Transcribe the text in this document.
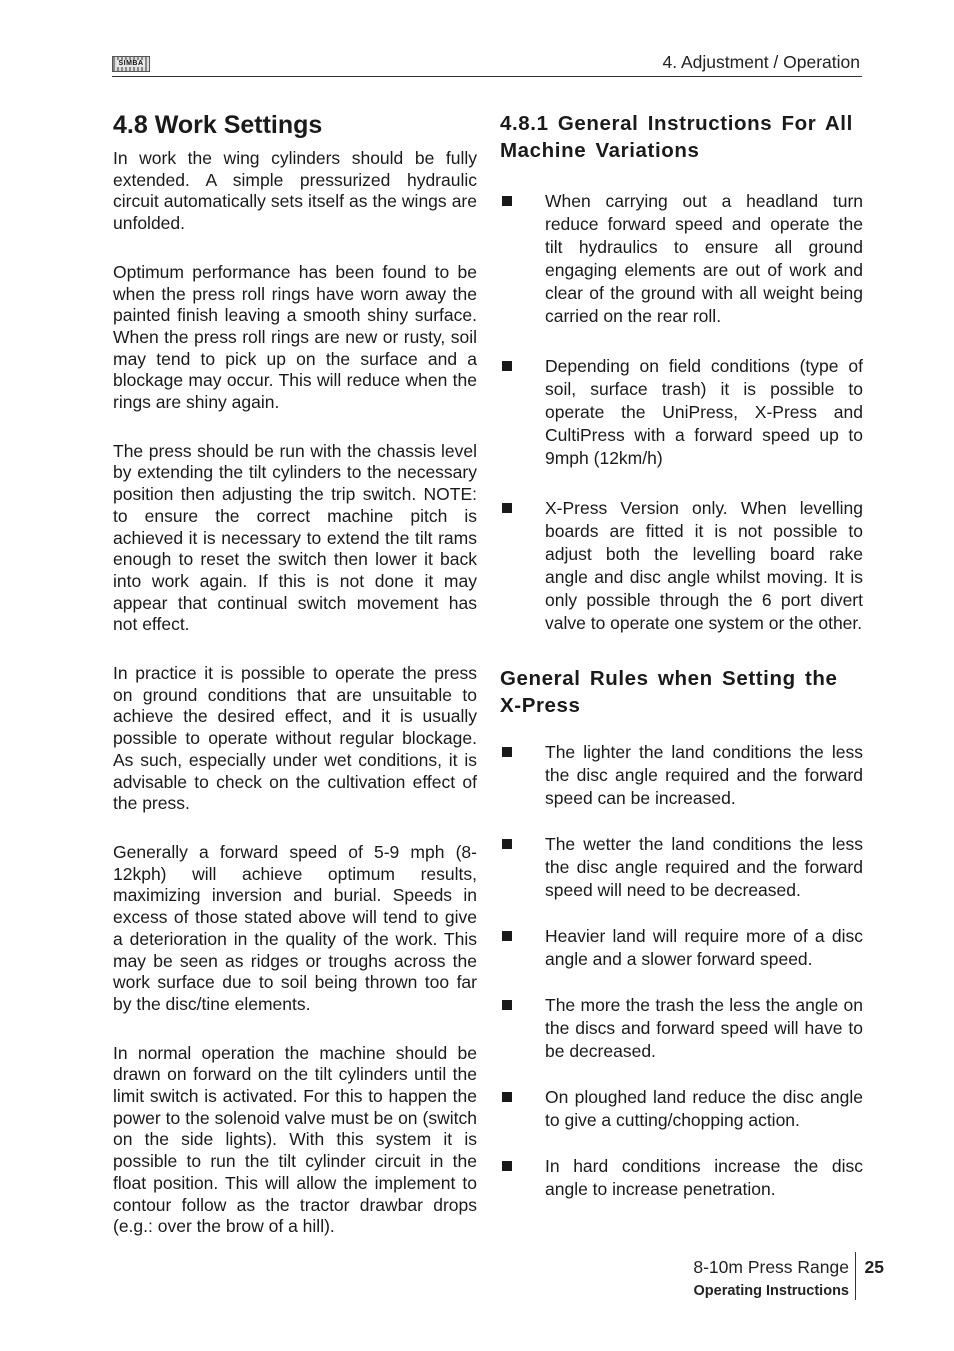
SIMBA	4. Adjustment / Operation
4.8 Work Settings

In work the wing cylinders should be fully extended. A simple pressurized hydraulic circuit automatically sets itself as the wings are unfolded.

Optimum performance has been found to be when the press roll rings have worn away the painted finish leaving a smooth shiny surface. When the press roll rings are new or rusty, soil may tend to pick up on the surface and a blockage may occur. This will reduce when the rings are shiny again.

The press should be run with the chassis level by extending the tilt cylinders to the necessary position then adjusting the trip switch. NOTE: to ensure the correct machine pitch is achieved it is necessary to extend the tilt rams enough to reset the switch then lower it back into work again. If this is not done it may appear that continual switch movement has not effect.

In practice it is possible to operate the press on ground conditions that are unsuitable to achieve the desired effect, and it is usually possible to operate without regular blockage. As such, especially under wet conditions, it is advisable to check on the cultivation effect of the press.

Generally a forward speed of 5-9 mph (8-12kph) will achieve optimum results, maximizing inversion and burial. Speeds in excess of those stated above will tend to give a deterioration in the quality of the work. This may be seen as ridges or troughs across the work surface due to soil being thrown too far by the disc/tine elements.

In normal operation the machine should be drawn on forward on the tilt cylinders until the limit switch is activated. For this to happen the power to the solenoid valve must be on (switch on the side lights). With this system it is possible to run the tilt cylinder circuit in the float position. This will allow the implement to contour follow as the tractor drawbar drops (e.g.: over the brow of a hill).

4.8.1 General Instructions For All Machine Variations
When carrying out a headland turn reduce forward speed and operate the tilt hydraulics to ensure all ground engaging elements are out of work and clear of the ground with all weight being carried on the rear roll.
Depending on field conditions (type of soil, surface trash) it is possible to operate the UniPress, X-Press and CultiPress with a forward speed up to 9mph (12km/h)
X-Press Version only. When levelling boards are fitted it is not possible to adjust both the levelling board rake angle and disc angle whilst moving. It is only possible through the 6 port divert valve to operate one system or the other.
General Rules when Setting the X-Press
The lighter the land conditions the less the disc angle required and the forward speed can be increased.
The wetter the land conditions the less the disc angle required and the forward speed will need to be decreased.
Heavier land will require more of a disc angle and a slower forward speed.
The more the trash the less the angle on the discs and forward speed will have to be decreased.
On ploughed land reduce the disc angle to give a cutting/chopping action.
In hard conditions increase the disc angle to increase penetration.
8-10m Press Range
Operating Instructions
25
